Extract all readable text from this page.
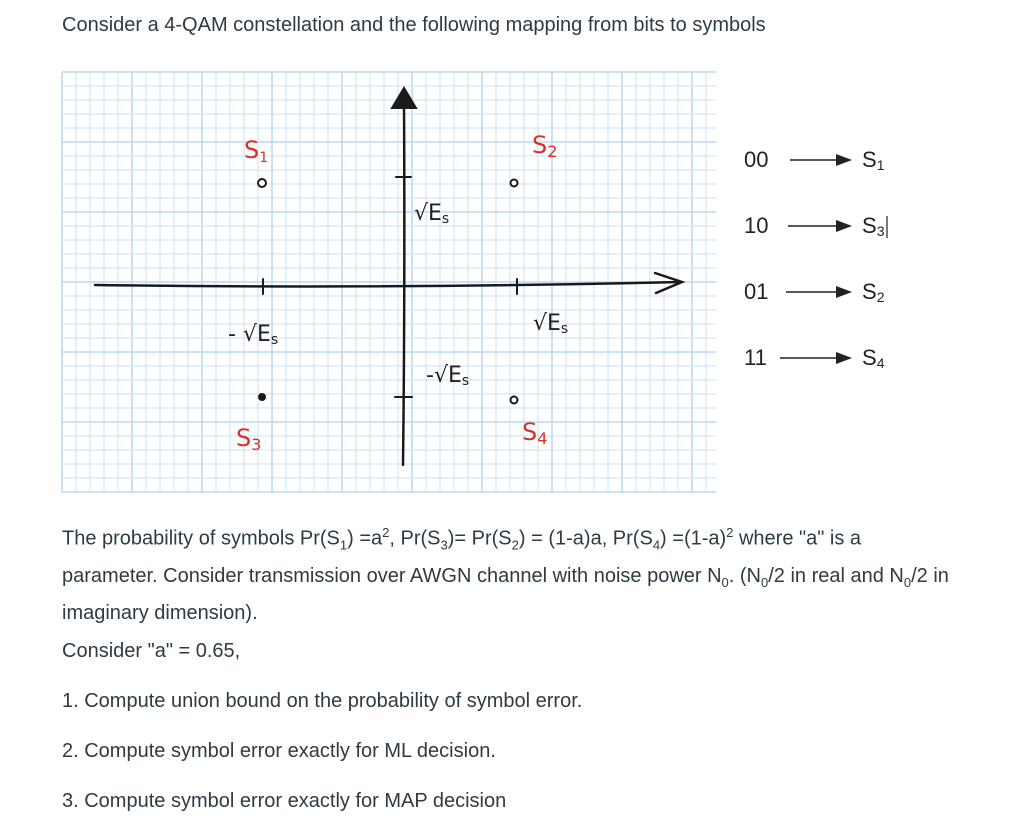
Consider a 4-QAM constellation and the following mapping from bits to symbols

S1	S2
S3	S4
√Es
-√Es
√Es
- √Es
00	S1
10	S3
01	S2
11	S4

The probability of symbols $Pr(S_1) =a^2$, $Pr(S_3)= Pr(S_2) = (1-a)a$, $Pr(S_4) =(1-a)^2$ where "a" is a parameter. Consider transmission over AWGN channel with noise power $N_0$. ($N_0/2$ in real and $N_0/2$ in imaginary dimension).

Consider "a" = 0.65,

1. Compute union bound on the probability of symbol error.

2. Compute symbol error exactly for ML decision.

3. Compute symbol error exactly for MAP decision
